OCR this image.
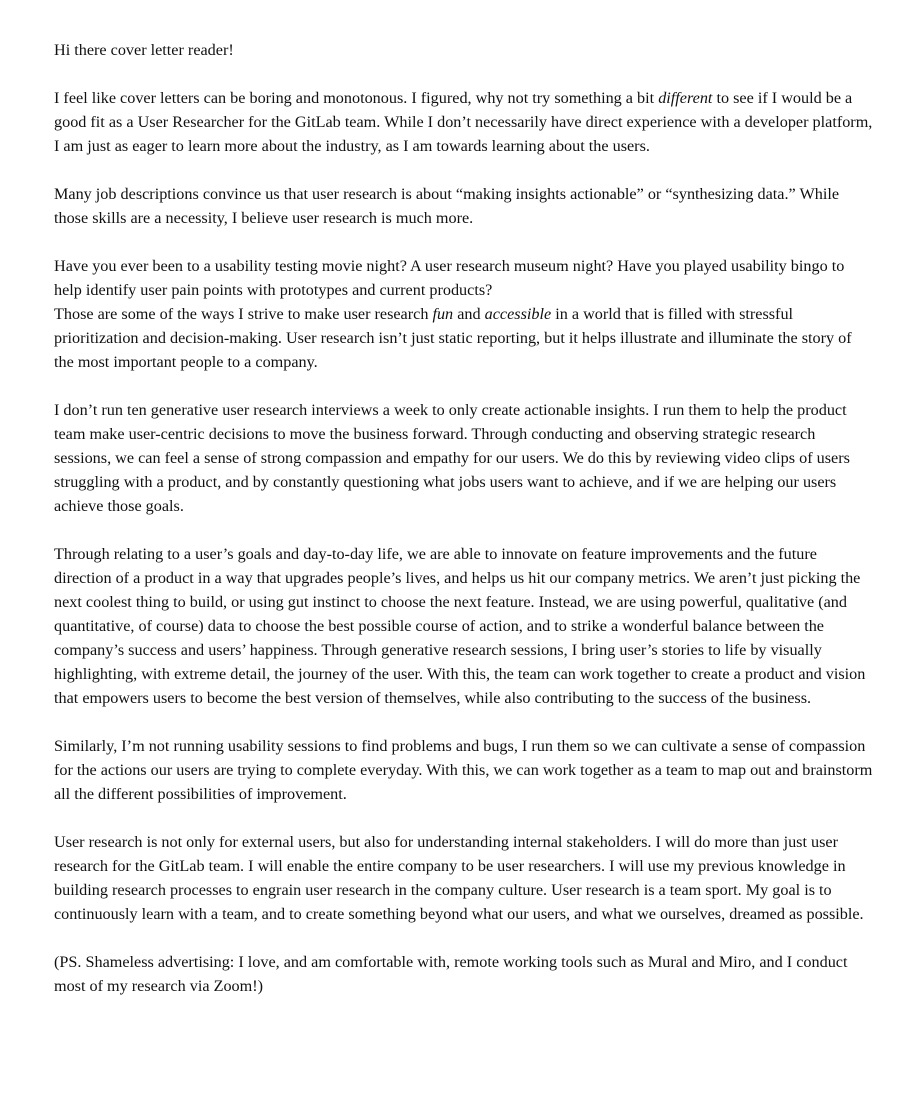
Hi there cover letter reader!

I feel like cover letters can be boring and monotonous. I figured, why not try something a bit different to see if I would be a good fit as a User Researcher for the GitLab team. While I don’t necessarily have direct experience with a developer platform, I am just as eager to learn more about the industry, as I am towards learning about the users.

Many job descriptions convince us that user research is about “making insights actionable” or “synthesizing data.” While those skills are a necessity, I believe user research is much more.

Have you ever been to a usability testing movie night? A user research museum night? Have you played usability bingo to help identify user pain points with prototypes and current products?

Those are some of the ways I strive to make user research fun and accessible in a world that is filled with stressful prioritization and decision-making. User research isn’t just static reporting, but it helps illustrate and illuminate the story of the most important people to a company.

I don’t run ten generative user research interviews a week to only create actionable insights. I run them to help the product team make user-centric decisions to move the business forward. Through conducting and observing strategic research sessions, we can feel a sense of strong compassion and empathy for our users. We do this by reviewing video clips of users struggling with a product, and by constantly questioning what jobs users want to achieve, and if we are helping our users achieve those goals.

Through relating to a user’s goals and day-to-day life, we are able to innovate on feature improvements and the future direction of a product in a way that upgrades people’s lives, and helps us hit our company metrics. We aren’t just picking the next coolest thing to build, or using gut instinct to choose the next feature. Instead, we are using powerful, qualitative (and quantitative, of course) data to choose the best possible course of action, and to strike a wonderful balance between the company’s success and users’ happiness. Through generative research sessions, I bring user’s stories to life by visually highlighting, with extreme detail, the journey of the user. With this, the team can work together to create a product and vision that empowers users to become the best version of themselves, while also contributing to the success of the business.

Similarly, I’m not running usability sessions to find problems and bugs, I run them so we can cultivate a sense of compassion for the actions our users are trying to complete everyday. With this, we can work together as a team to map out and brainstorm all the different possibilities of improvement.

User research is not only for external users, but also for understanding internal stakeholders. I will do more than just user research for the GitLab team. I will enable the entire company to be user researchers. I will use my previous knowledge in building research processes to engrain user research in the company culture. User research is a team sport. My goal is to continuously learn with a team, and to create something beyond what our users, and what we ourselves, dreamed as possible.

(PS. Shameless advertising: I love, and am comfortable with, remote working tools such as Mural and Miro, and I conduct most of my research via Zoom!)
